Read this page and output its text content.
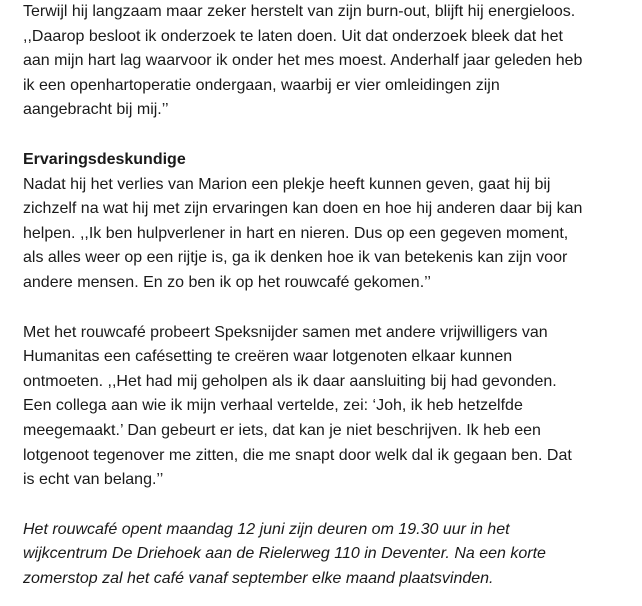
Terwijl hij langzaam maar zeker herstelt van zijn burn-out, blijft hij energieloos.
,,Daarop besloot ik onderzoek te laten doen. Uit dat onderzoek bleek dat het
aan mijn hart lag waarvoor ik onder het mes moest. Anderhalf jaar geleden heb
ik een openhartoperatie ondergaan, waarbij er vier omleidingen zijn
aangebracht bij mij.’’

Ervaringsdeskundige

Nadat hij het verlies van Marion een plekje heeft kunnen geven, gaat hij bij
zichzelf na wat hij met zijn ervaringen kan doen en hoe hij anderen daar bij kan
helpen. ,,Ik ben hulpverlener in hart en nieren. Dus op een gegeven moment,
als alles weer op een rijtje is, ga ik denken hoe ik van betekenis kan zijn voor
andere mensen. En zo ben ik op het rouwcafé gekomen.’’

Met het rouwcafé probeert Speksnijder samen met andere vrijwilligers van
Humanitas een cafésetting te creëren waar lotgenoten elkaar kunnen
ontmoeten. ,,Het had mij geholpen als ik daar aansluiting bij had gevonden.
Een collega aan wie ik mijn verhaal vertelde, zei: ‘Joh, ik heb hetzelfde
meegemaakt.’ Dan gebeurt er iets, dat kan je niet beschrijven. Ik heb een
lotgenoot tegenover me zitten, die me snapt door welk dal ik gegaan ben. Dat
is echt van belang.’’

Het rouwcafé opent maandag 12 juni zijn deuren om 19.30 uur in het
wijkcentrum De Driehoek aan de Rielerweg 110 in Deventer. Na een korte
zomerstop zal het café vanaf september elke maand plaatsvinden.
